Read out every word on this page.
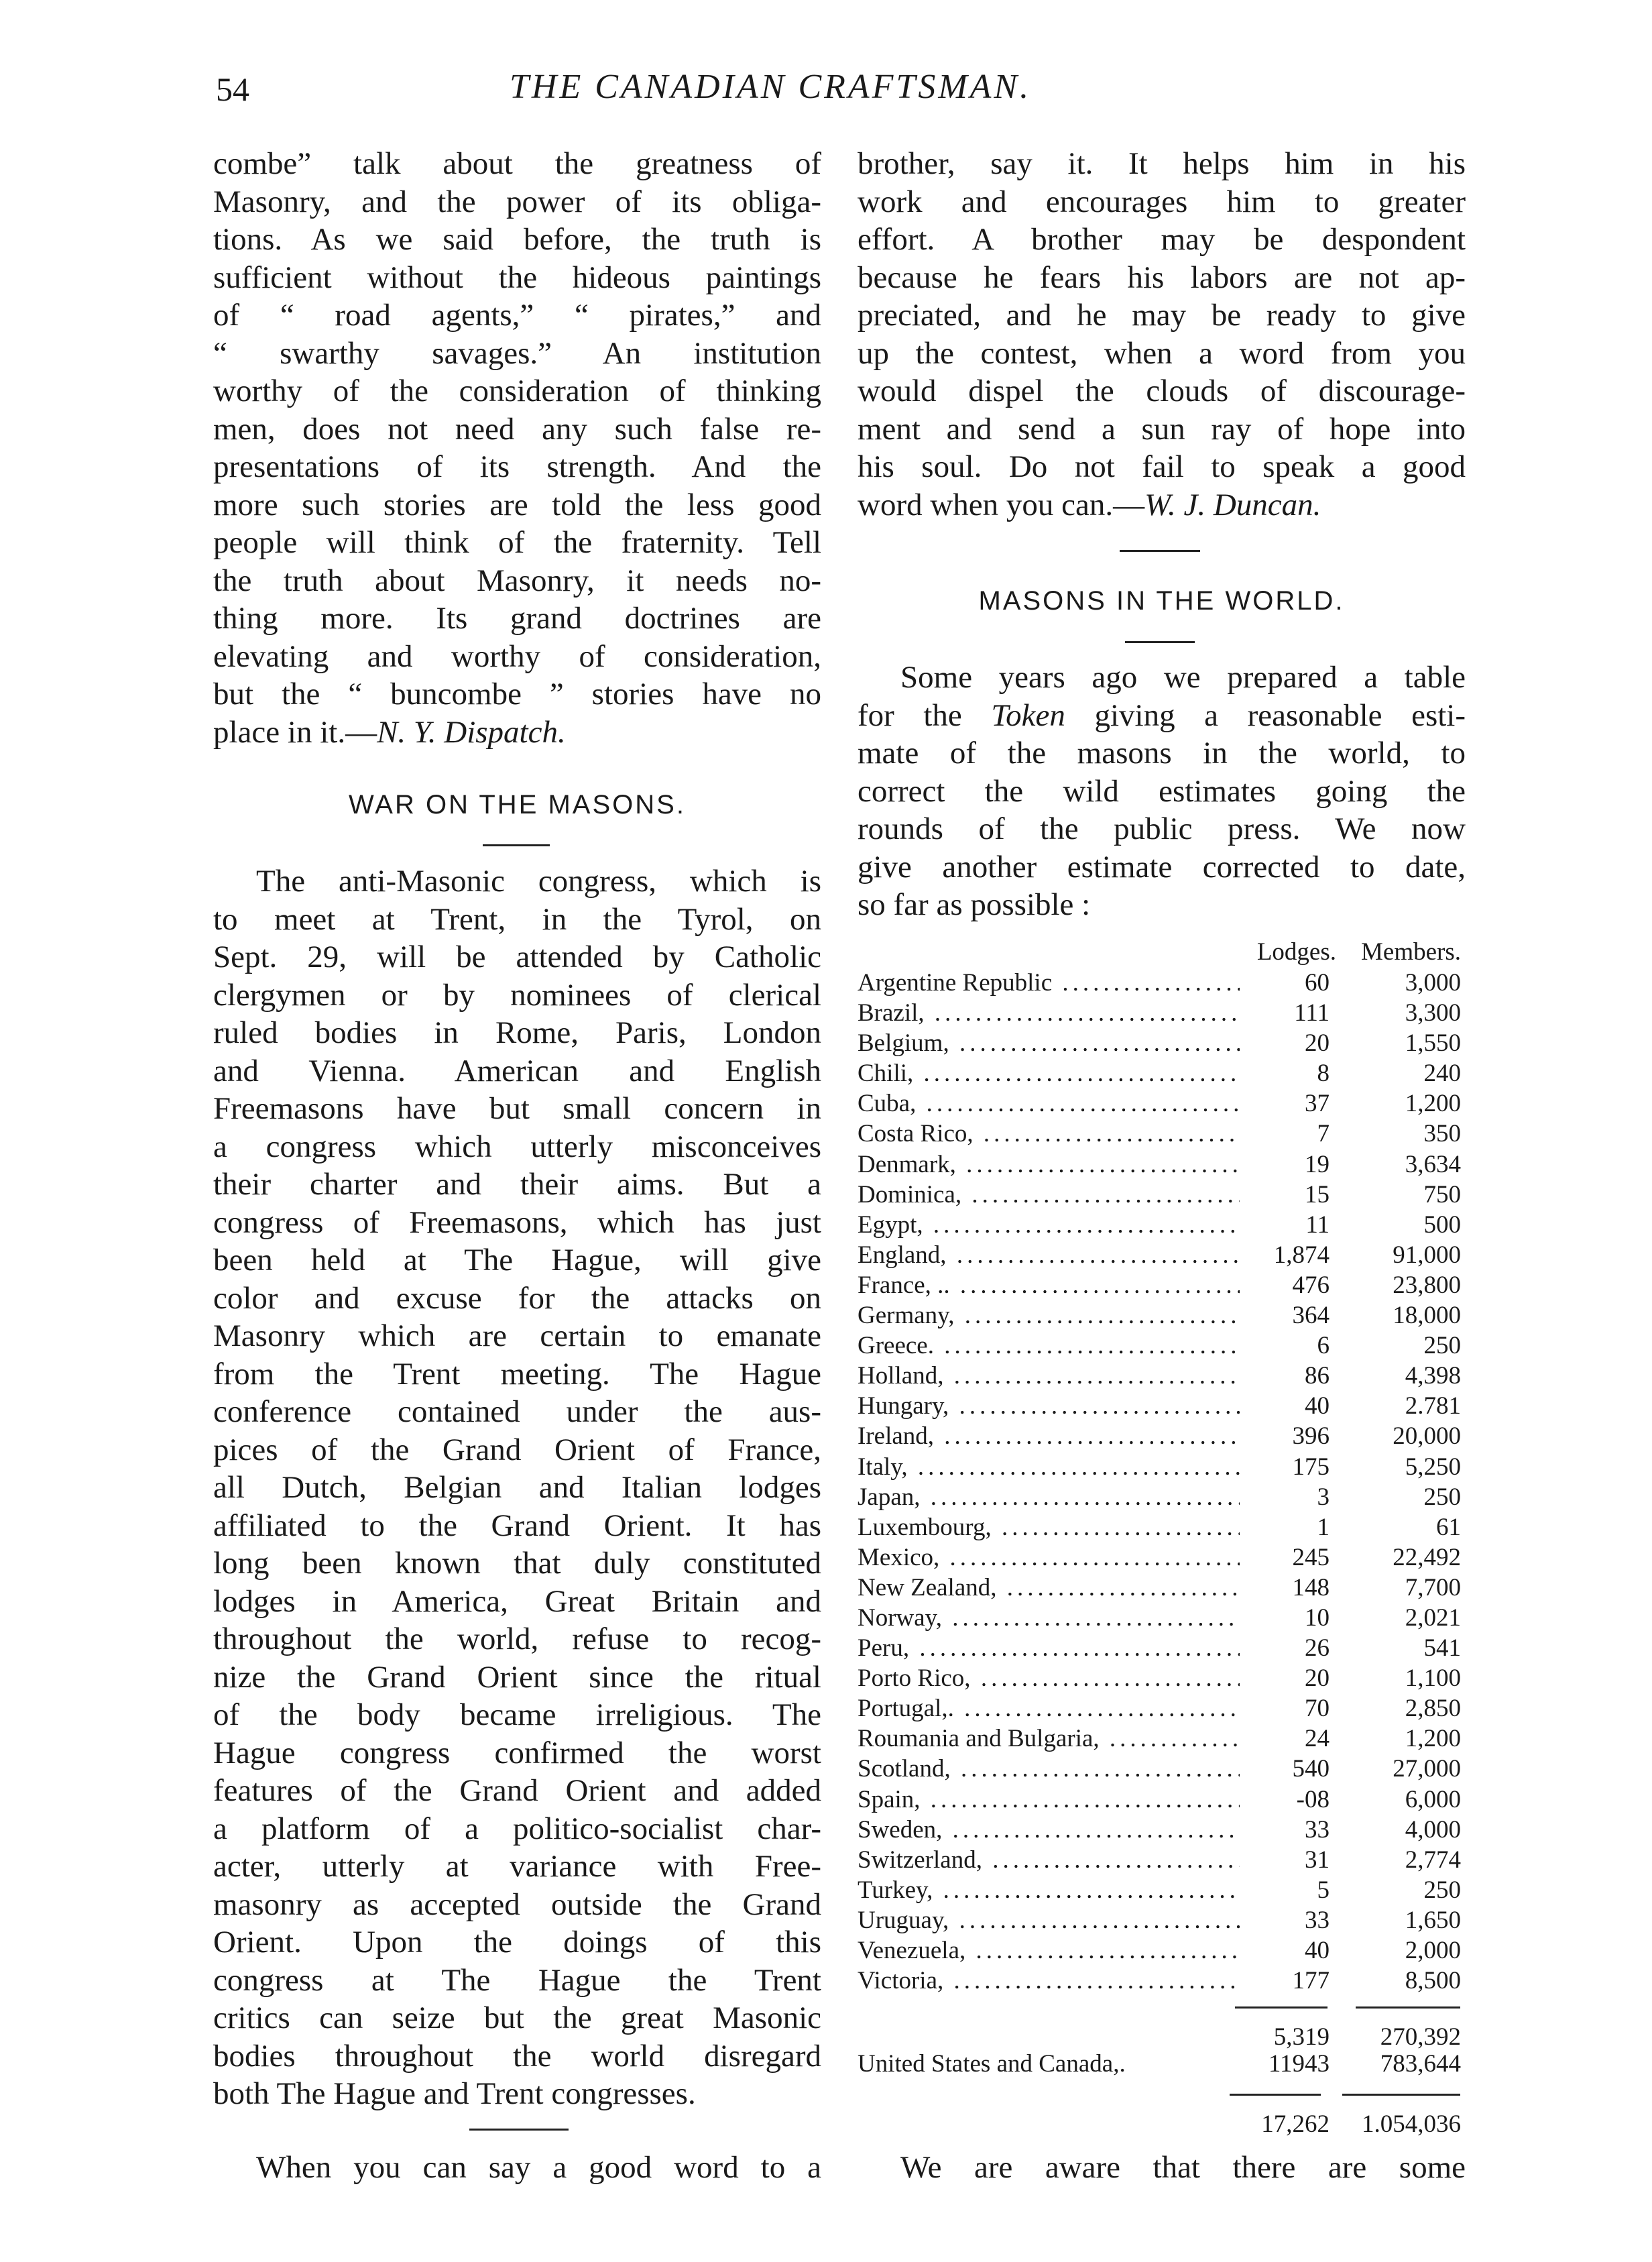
54	THE CANADIAN CRAFTSMAN.
combe” talk about the greatness of
Masonry, and the power of its obliga-
tions. As we said before, the truth is
sufficient without the hideous paintings
of “ road agents,” “ pirates,” and
“ swarthy savages.” An institution
worthy of the consideration of thinking
men, does not need any such false re-
presentations of its strength. And the
more such stories are told the less good
people will think of the fraternity. Tell
the truth about Masonry, it needs no-
thing more. Its grand doctrines are
elevating and worthy of consideration,
but the “ buncombe ” stories have no
place in it.—N. Y. Dispatch.
WAR ON THE MASONS.
The anti-Masonic congress, which is
to meet at Trent, in the Tyrol, on
Sept. 29, will be attended by Catholic
clergymen or by nominees of clerical
ruled bodies in Rome, Paris, London
and Vienna. American and English
Freemasons have but small concern in
a congress which utterly misconceives
their charter and their aims. But a
congress of Freemasons, which has just
been held at The Hague, will give
color and excuse for the attacks on
Masonry which are certain to emanate
from the Trent meeting. The Hague
conference contained under the aus-
pices of the Grand Orient of France,
all Dutch, Belgian and Italian lodges
affiliated to the Grand Orient. It has
long been known that duly constituted
lodges in America, Great Britain and
throughout the world, refuse to recog-
nize the Grand Orient since the ritual
of the body became irreligious. The
Hague congress confirmed the worst
features of the Grand Orient and added
a platform of a politico-socialist char-
acter, utterly at variance with Free-
masonry as accepted outside the Grand
Orient. Upon the doings of this
congress at The Hague the Trent
critics can seize but the great Masonic
bodies throughout the world disregard
both The Hague and Trent congresses.
When you can say a good word to a
brother, say it. It helps him in his
work and encourages him to greater
effort. A brother may be despondent
because he fears his labors are not ap-
preciated, and he may be ready to give
up the contest, when a word from you
would dispel the clouds of discourage-
ment and send a sun ray of hope into
his soul. Do not fail to speak a good
word when you can.—W. J. Duncan.
MASONS IN THE WORLD.
Some years ago we prepared a table
for the Token giving a reasonable esti-
mate of the masons in the world, to
correct the wild estimates going the
rounds of the public press. We now
give another estimate corrected to date,
so far as possible :
Lodges. Members.
Argentine Republic .....	60	3,000
Brazil, .....	111	3,300
Belgium, .....	20	1,550
Chili, .....	8	240
Cuba, .....	37	1,200
Costa Rico, .....	7	350
Denmark, .....	19	3,634
Dominica, .....	15	750
Egypt, .....	11	500
England, .....	1,874	91,000
France, .. .....	476	23,800
Germany, .....	364	18,000
Greece. .....	6	250
Holland, .....	86	4,398
Hungary, .....	40	2.781
Ireland, .....	396	20,000
Italy, .....	175	5,250
Japan, .....	3	250
Luxembourg, .....	1	61
Mexico, .....	245	22,492
New Zealand, .....	148	7,700
Norway, .....	10	2,021
Peru, .....	26	541
Porto Rico, .....	20	1,100
Portugal,. .....	70	2,850
Roumania and Bulgaria, .....	24	1,200
Scotland, .....	540	27,000
Spain, .....	-08	6,000
Sweden, .....	33	4,000
Switzerland, .....	31	2,774
Turkey, .....	5	250
Uruguay, .....	33	1,650
Venezuela, .....	40	2,000
Victoria, .....	177	8,500
5,319 270,392
United States and Canada,.	11943 783,644
17,262 1.054,036
We are aware that there are some
